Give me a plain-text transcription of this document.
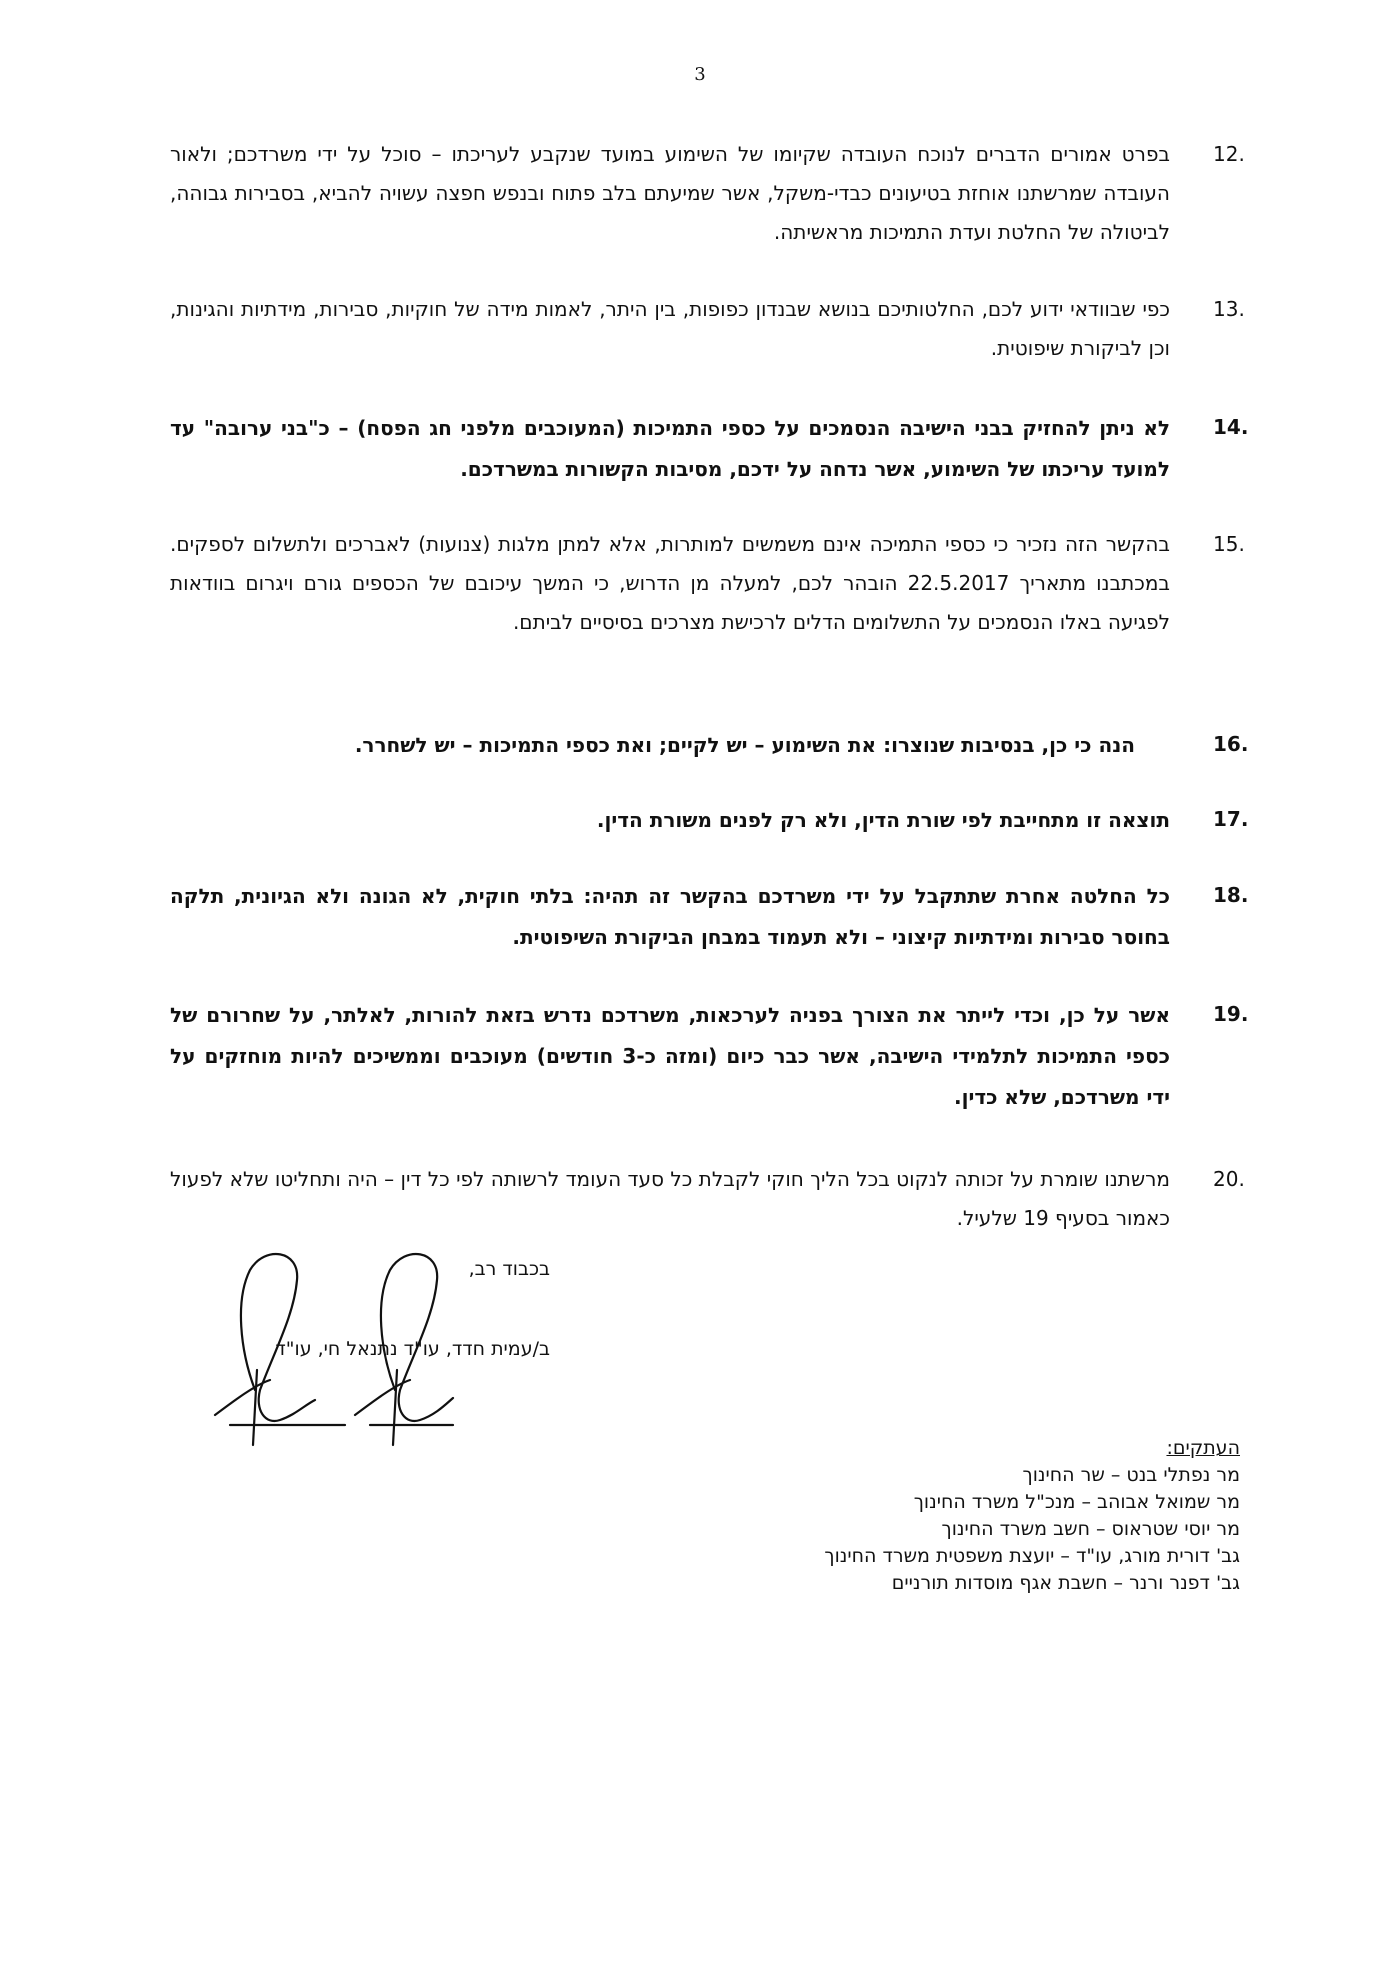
3
12.
בפרט אמורים הדברים לנוכח העובדה שקיומו של השימוע במועד שנקבע לעריכתו – סוכל על ידי משרדכם; ולאור העובדה שמרשתנו אוחזת בטיעונים כבדי-משקל, אשר שמיעתם בלב פתוח ובנפש חפצה עשויה להביא, בסבירות גבוהה, לביטולה של החלטת ועדת התמיכות מראשיתה.
13.
כפי שבוודאי ידוע לכם, החלטותיכם בנושא שבנדון כפופות, בין היתר, לאמות מידה של חוקיות, סבירות, מידתיות והגינות, וכן לביקורת שיפוטית.
14.
לא ניתן להחזיק בבני הישיבה הנסמכים על כספי התמיכות (המעוכבים מלפני חג הפסח) – כ"בני ערובה" עד למועד עריכתו של השימוע, אשר נדחה על ידכם, מסיבות הקשורות במשרדכם.
15.
בהקשר הזה נזכיר כי כספי התמיכה אינם משמשים למותרות, אלא למתן מלגות (צנועות) לאברכים ולתשלום לספקים. במכתבנו מתאריך 22.5.2017 הובהר לכם, למעלה מן הדרוש, כי המשך עיכובם של הכספים גורם ויגרום בוודאות לפגיעה באלו הנסמכים על התשלומים הדלים לרכישת מצרכים בסיסיים לביתם.
16.
הנה כי כן, בנסיבות שנוצרו: את השימוע – יש לקיים; ואת כספי התמיכות – יש לשחרר.
17.
תוצאה זו מתחייבת לפי שורת הדין, ולא רק לפנים משורת הדין.
18.
כל החלטה אחרת שתתקבל על ידי משרדכם בהקשר זה תהיה: בלתי חוקית, לא הגונה ולא הגיונית, תלקה בחוסר סבירות ומידתיות קיצוני – ולא תעמוד במבחן הביקורת השיפוטית.
19.
אשר על כן, וכדי לייתר את הצורך בפניה לערכאות, משרדכם נדרש בזאת להורות, לאלתר, על שחרורם של כספי התמיכות לתלמידי הישיבה, אשר כבר כיום (ומזה כ-3 חודשים) מעוכבים וממשיכים להיות מוחזקים על ידי משרדכם, שלא כדין.
20.
מרשתנו שומרת על זכותה לנקוט בכל הליך חוקי לקבלת כל סעד העומד לרשותה לפי כל דין – היה ותחליטו שלא לפעול כאמור בסעיף 19 שלעיל.
בכבוד רב,
ב/עמית חדד, עו"ד נתנאל חי, עו"ד
העתקים:
מר נפתלי בנט – שר החינוך
מר שמואל אבוהב – מנכ"ל משרד החינוך
מר יוסי שטראוס – חשב משרד החינוך
גב' דורית מורג, עו"ד – יועצת משפטית משרד החינוך
גב' דפנר ורנר – חשבת אגף מוסדות תורניים
